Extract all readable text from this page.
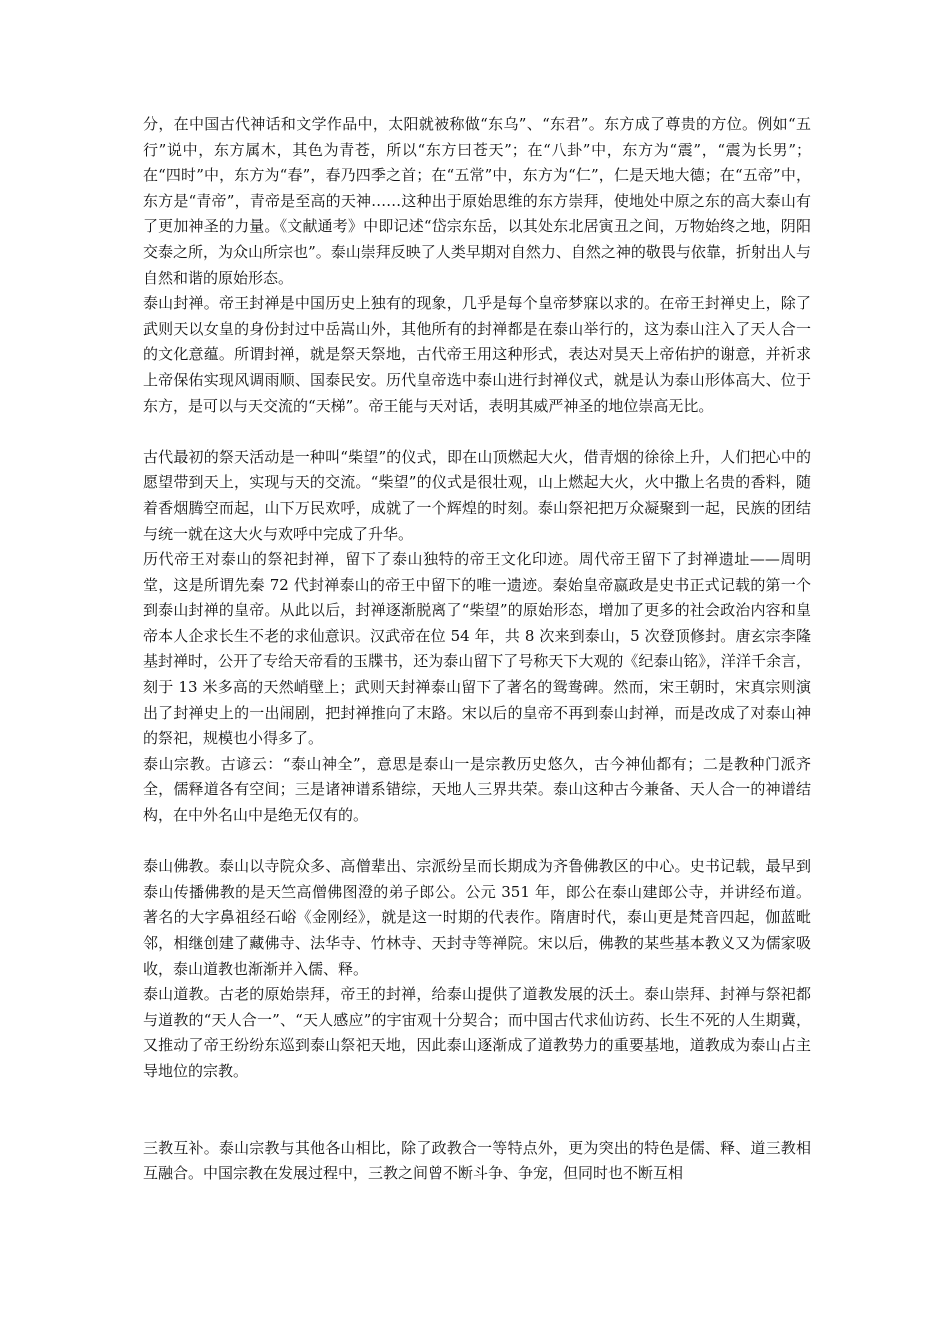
分，在中国古代神话和文学作品中，太阳就被称做“东乌”、“东君”。东方成了尊贵的方位。例如“五行”说中，东方属木，其色为青苍，所以“东方曰苍天”；在“八卦”中，东方为“震”，“震为长男”；在“四时”中，东方为“春”，春乃四季之首；在“五常”中，东方为“仁”，仁是天地大德；在“五帝”中，东方是“青帝”，青帝是至高的天神……这种出于原始思维的东方崇拜，使地处中原之东的高大泰山有了更加神圣的力量。《文献通考》中即记述“岱宗东岳，以其处东北居寅丑之间，万物始终之地，阴阳交泰之所，为众山所宗也”。泰山崇拜反映了人类早期对自然力、自然之神的敬畏与依靠，折射出人与自然和谐的原始形态。

泰山封禅。帝王封禅是中国历史上独有的现象，几乎是每个皇帝梦寐以求的。在帝王封禅史上，除了武则天以女皇的身份封过中岳嵩山外，其他所有的封禅都是在泰山举行的，这为泰山注入了天人合一的文化意蕴。所谓封禅，就是祭天祭地，古代帝王用这种形式，表达对昊天上帝佑护的谢意，并祈求上帝保佑实现风调雨顺、国泰民安。历代皇帝选中泰山进行封禅仪式，就是认为泰山形体高大、位于东方，是可以与天交流的“天梯”。帝王能与天对话，表明其威严神圣的地位崇高无比。

古代最初的祭天活动是一种叫“柴望”的仪式，即在山顶燃起大火，借青烟的徐徐上升，人们把心中的愿望带到天上，实现与天的交流。“柴望”的仪式是很壮观，山上燃起大火，火中撒上名贵的香料，随着香烟腾空而起，山下万民欢呼，成就了一个辉煌的时刻。泰山祭祀把万众凝聚到一起，民族的团结与统一就在这大火与欢呼中完成了升华。

历代帝王对泰山的祭祀封禅，留下了泰山独特的帝王文化印迹。周代帝王留下了封禅遗址——周明堂，这是所谓先秦 72 代封禅泰山的帝王中留下的唯一遗迹。秦始皇帝嬴政是史书正式记载的第一个到泰山封禅的皇帝。从此以后，封禅逐渐脱离了“柴望”的原始形态，增加了更多的社会政治内容和皇帝本人企求长生不老的求仙意识。汉武帝在位 54 年，共 8 次来到泰山，5 次登顶修封。唐玄宗李隆基封禅时，公开了专给天帝看的玉牒书，还为泰山留下了号称天下大观的《纪泰山铭》，洋洋千余言，刻于 13 米多高的天然峭壁上；武则天封禅泰山留下了著名的鸳鸯碑。然而，宋王朝时，宋真宗则演出了封禅史上的一出闹剧，把封禅推向了末路。宋以后的皇帝不再到泰山封禅，而是改成了对泰山神的祭祀，规模也小得多了。

泰山宗教。古谚云：“泰山神全”，意思是泰山一是宗教历史悠久，古今神仙都有；二是教种门派齐全，儒释道各有空间；三是诸神谱系错综，天地人三界共荣。泰山这种古今兼备、天人合一的神谱结构，在中外名山中是绝无仅有的。

泰山佛教。泰山以寺院众多、高僧辈出、宗派纷呈而长期成为齐鲁佛教区的中心。史书记载，最早到泰山传播佛教的是天竺高僧佛图澄的弟子郎公。公元 351 年，郎公在泰山建郎公寺，并讲经布道。著名的大字鼻祖经石峪《金刚经》，就是这一时期的代表作。隋唐时代，泰山更是梵音四起，伽蓝毗邻，相继创建了藏佛寺、法华寺、竹林寺、天封寺等禅院。宋以后，佛教的某些基本教义又为儒家吸收，泰山道教也渐渐并入儒、释。

泰山道教。古老的原始崇拜，帝王的封禅，给泰山提供了道教发展的沃土。泰山崇拜、封禅与祭祀都与道教的“天人合一”、“天人感应”的宇宙观十分契合；而中国古代求仙访药、长生不死的人生期冀，又推动了帝王纷纷东巡到泰山祭祀天地，因此泰山逐渐成了道教势力的重要基地，道教成为泰山占主导地位的宗教。

三教互补。泰山宗教与其他各山相比，除了政教合一等特点外，更为突出的特色是儒、释、道三教相互融合。中国宗教在发展过程中，三教之间曾不断斗争、争宠，但同时也不断互相
